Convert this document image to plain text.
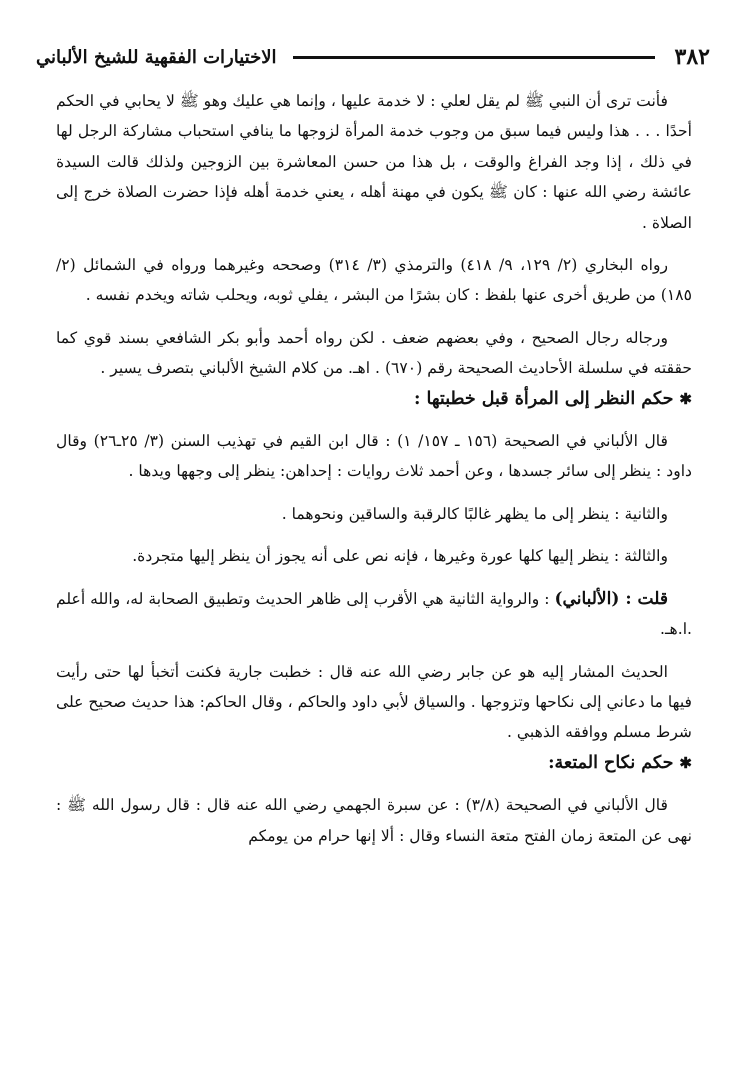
٣٨٢
الاختيارات الفقهية للشيخ الألباني

فأنت ترى أن النبي ﷺ لم يقل لعلي : لا خدمة عليها ، وإنما هي عليك وهو ﷺ لا يحابي في الحكم أحدًا . . . هذا وليس فيما سبق من وجوب خدمة المرأة لزوجها ما ينافي استحباب مشاركة الرجل لها في ذلك ، إذا وجد الفراغ والوقت ، بل هذا من حسن المعاشرة بين الزوجين ولذلك قالت السيدة عائشة رضي الله عنها : كان ﷺ يكون في مهنة أهله ، يعني خدمة أهله فإذا حضرت الصلاة خرج إلى الصلاة .

رواه البخاري (٢/ ١٢٩، ٩/ ٤١٨) والترمذي (٣/ ٣١٤) وصححه وغيرهما ورواه في الشمائل (٢/ ١٨٥) من طريق أخرى عنها بلفظ : كان بشرًا من البشر ، يفلي ثوبه، ويحلب شاته ويخدم نفسه .

ورجاله رجال الصحيح ، وفي بعضهم ضعف . لكن رواه أحمد وأبو بكر الشافعي بسند قوي كما حققته في سلسلة الأحاديث الصحيحة رقم (٦٧٠) . اهـ. من كلام الشيخ الألباني بتصرف يسير .

✱حكم النظر إلى المرأة قبل خطبتها :

قال الألباني في الصحيحة (١٥٦ ـ ١٥٧/ ١) : قال ابن القيم في تهذيب السنن (٣/ ٢٥ـ٢٦) وقال داود : ينظر إلى سائر جسدها ، وعن أحمد ثلاث روايات : إحداهن: ينظر إلى وجهها ويدها .

والثانية : ينظر إلى ما يظهر غالبًا كالرقبة والساقين ونحوهما .

والثالثة : ينظر إليها كلها عورة وغيرها ، فإنه نص على أنه يجوز أن ينظر إليها متجردة.

قلت : (الألباني) : والرواية الثانية هي الأقرب إلى ظاهر الحديث وتطبيق الصحابة له، والله أعلم .ا.هـ.

الحديث المشار إليه هو عن جابر رضي الله عنه قال : خطبت جارية فكنت أتخبأ لها حتى رأيت فيها ما دعاني إلى نكاحها وتزوجها . والسياق لأبي داود والحاكم ، وقال الحاكم: هذا حديث صحيح على شرط مسلم ووافقه الذهبي .

✱حكم نكاح المتعة:

قال الألباني في الصحيحة (٣/٨) : عن سبرة الجهمي رضي الله عنه قال : قال رسول الله ﷺ : نهى عن المتعة زمان الفتح متعة النساء وقال : ألا إنها حرام من يومكم
